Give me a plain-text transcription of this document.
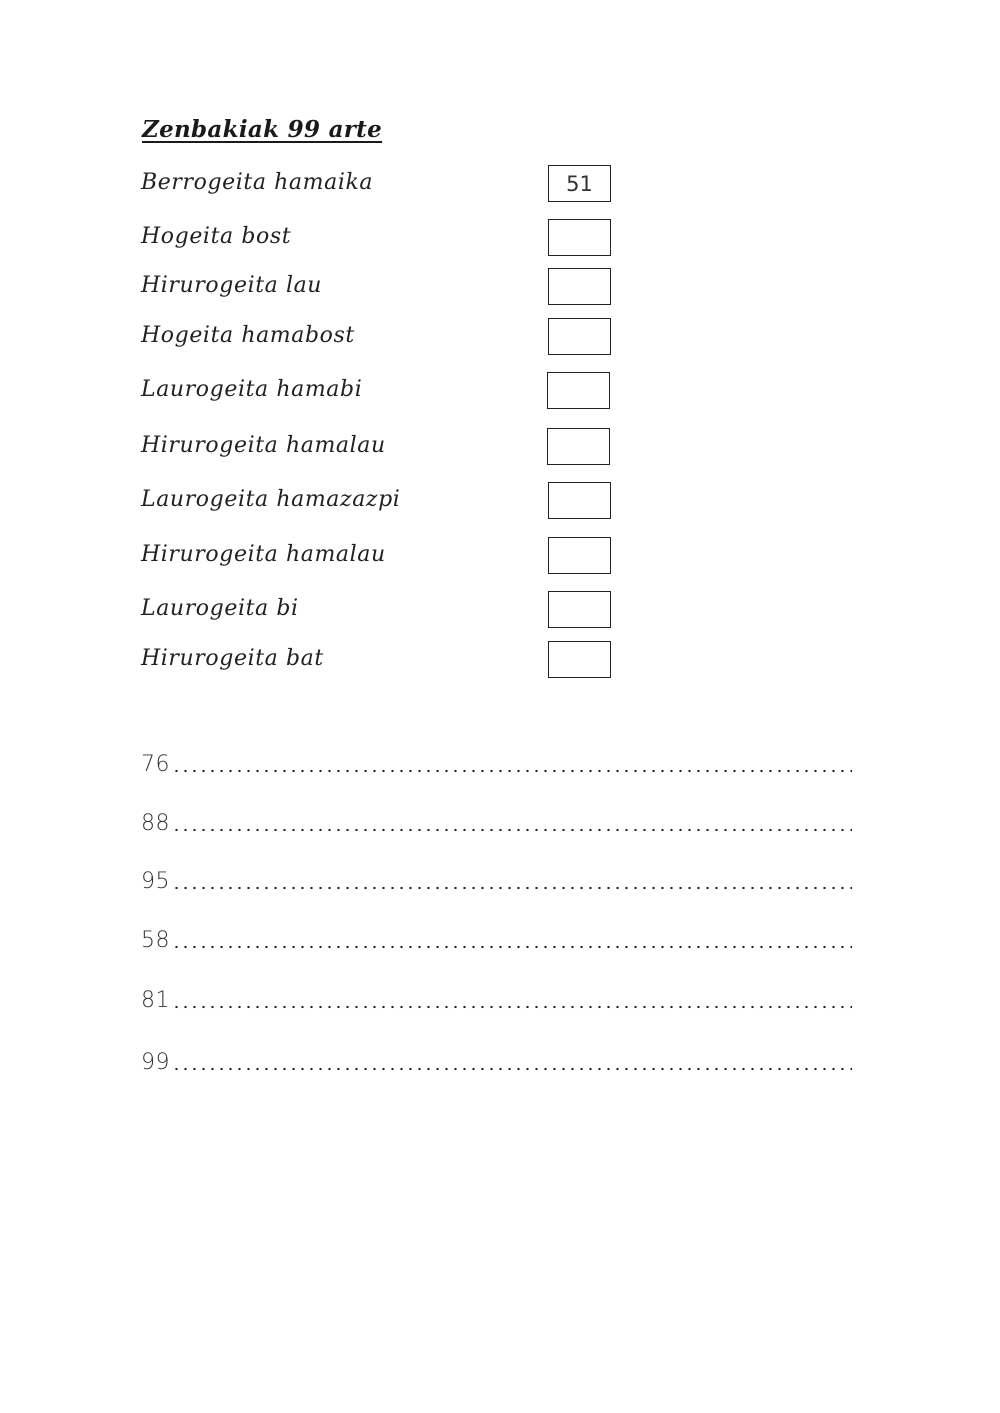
Zenbakiak 99 arte
Berrogeita hamaika	51
Hogeita bost
Hirurogeita lau
Hogeita hamabost
Laurogeita hamabi
Hirurogeita hamalau
Laurogeita hamazazpi
Hirurogeita hamalau
Laurogeita bi
Hirurogeita bat
76
88
95
58
81
99
